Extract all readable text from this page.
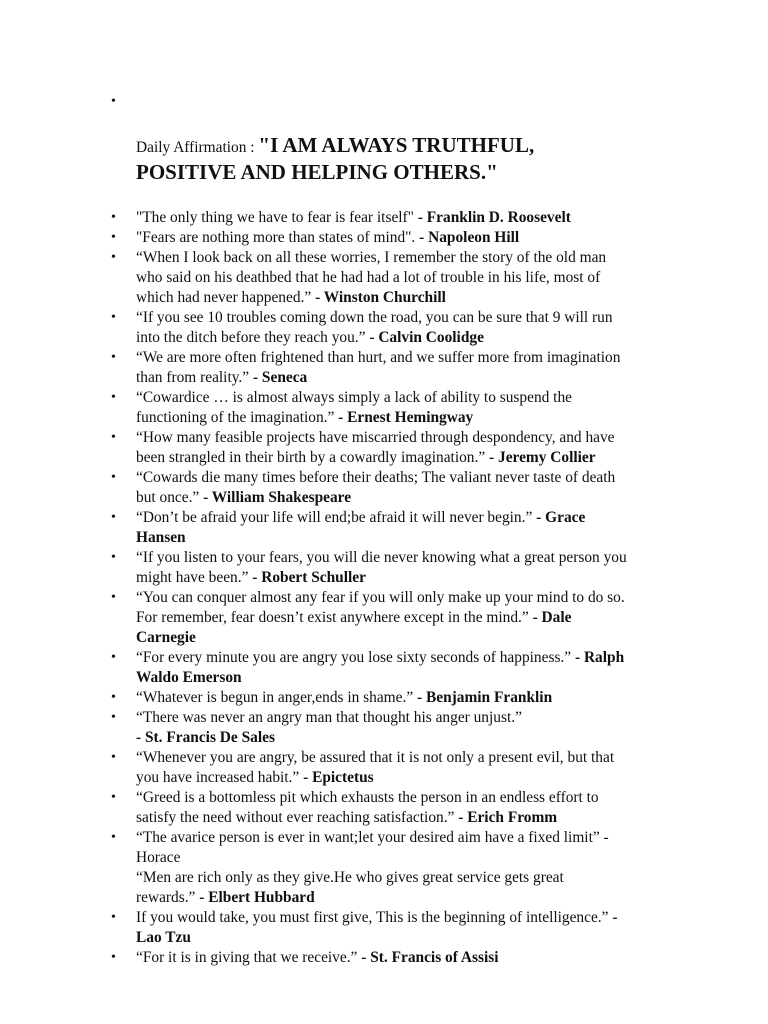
•

Daily Affirmation : "I AM ALWAYS TRUTHFUL,

POSITIVE AND HELPING OTHERS."

• "The only thing we have to fear is fear itself" - Franklin D. Roosevelt
• "Fears are nothing more than states of mind". - Napoleon Hill
• “When I look back on all these worries, I remember the story of the old man
who said on his deathbed that he had had a lot of trouble in his life, most of
which had never happened.” - Winston Churchill
• “If you see 10 troubles coming down the road, you can be sure that 9 will run
into the ditch before they reach you.” - Calvin Coolidge
• “We are more often frightened than hurt, and we suffer more from imagination
than from reality.” - Seneca
• “Cowardice … is almost always simply a lack of ability to suspend the
functioning of the imagination.” - Ernest Hemingway
• “How many feasible projects have miscarried through despondency, and have
been strangled in their birth by a cowardly imagination.” - Jeremy Collier
• “Cowards die many times before their deaths; The valiant never taste of death
but once.” - William Shakespeare
• “Don’t be afraid your life will end;be afraid it will never begin.” - Grace
Hansen
• “If you listen to your fears, you will die never knowing what a great person you
might have been.” - Robert Schuller
• “You can conquer almost any fear if you will only make up your mind to do so.
For remember, fear doesn’t exist anywhere except in the mind.” - Dale
Carnegie
• “For every minute you are angry you lose sixty seconds of happiness.” - Ralph
Waldo Emerson
• “Whatever is begun in anger,ends in shame.” - Benjamin Franklin
• “There was never an angry man that thought his anger unjust.”
- St. Francis De Sales
• “Whenever you are angry, be assured that it is not only a present evil, but that
you have increased habit.” - Epictetus
• “Greed is a bottomless pit which exhausts the person in an endless effort to
satisfy the need without ever reaching satisfaction.” - Erich Fromm
• “The avarice person is ever in want;let your desired aim have a fixed limit” -
Horace
“Men are rich only as they give.He who gives great service gets great
rewards.” - Elbert Hubbard
• If you would take, you must first give, This is the beginning of intelligence.” -
Lao Tzu
• “For it is in giving that we receive.” - St. Francis of Assisi
